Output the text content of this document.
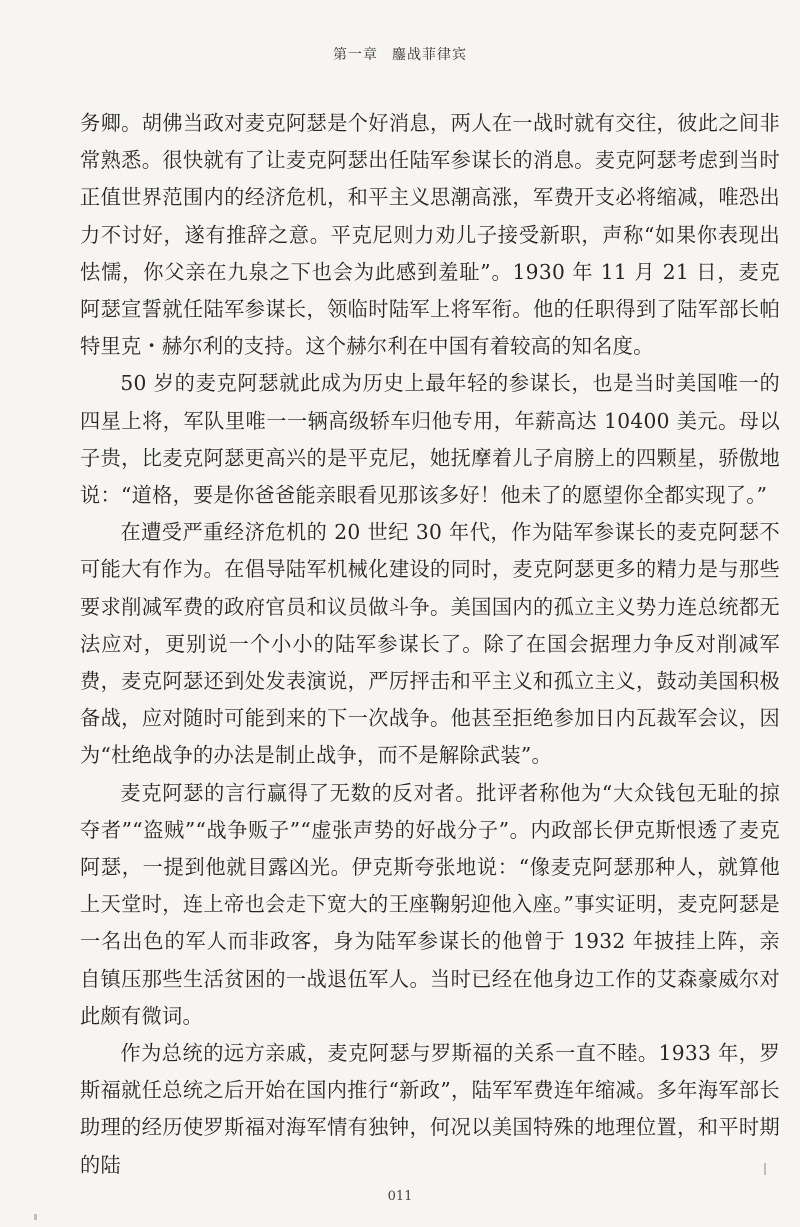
第一章 鏖战菲律宾

务卿。胡佛当政对麦克阿瑟是个好消息，两人在一战时就有交往，彼此之间非常熟悉。很快就有了让麦克阿瑟出任陆军参谋长的消息。麦克阿瑟考虑到当时正值世界范围内的经济危机，和平主义思潮高涨，军费开支必将缩减，唯恐出力不讨好，遂有推辞之意。平克尼则力劝儿子接受新职，声称“如果你表现出怯懦，你父亲在九泉之下也会为此感到羞耻”。1930 年 11 月 21 日，麦克阿瑟宣誓就任陆军参谋长，领临时陆军上将军衔。他的任职得到了陆军部长帕特里克・赫尔利的支持。这个赫尔利在中国有着较高的知名度。

50 岁的麦克阿瑟就此成为历史上最年轻的参谋长，也是当时美国唯一的四星上将，军队里唯一一辆高级轿车归他专用，年薪高达 10400 美元。母以子贵，比麦克阿瑟更高兴的是平克尼，她抚摩着儿子肩膀上的四颗星，骄傲地说：“道格，要是你爸爸能亲眼看见那该多好！他未了的愿望你全都实现了。”

在遭受严重经济危机的 20 世纪 30 年代，作为陆军参谋长的麦克阿瑟不可能大有作为。在倡导陆军机械化建设的同时，麦克阿瑟更多的精力是与那些要求削减军费的政府官员和议员做斗争。美国国内的孤立主义势力连总统都无法应对，更别说一个小小的陆军参谋长了。除了在国会据理力争反对削减军费，麦克阿瑟还到处发表演说，严厉抨击和平主义和孤立主义，鼓动美国积极备战，应对随时可能到来的下一次战争。他甚至拒绝参加日内瓦裁军会议，因为“杜绝战争的办法是制止战争，而不是解除武装”。

麦克阿瑟的言行赢得了无数的反对者。批评者称他为“大众钱包无耻的掠夺者”“盗贼”“战争贩子”“虚张声势的好战分子”。内政部长伊克斯恨透了麦克阿瑟，一提到他就目露凶光。伊克斯夸张地说：“像麦克阿瑟那种人，就算他上天堂时，连上帝也会走下宽大的王座鞠躬迎他入座。”事实证明，麦克阿瑟是一名出色的军人而非政客，身为陆军参谋长的他曾于 1932 年披挂上阵，亲自镇压那些生活贫困的一战退伍军人。当时已经在他身边工作的艾森豪威尔对此颇有微词。

作为总统的远方亲戚，麦克阿瑟与罗斯福的关系一直不睦。1933 年，罗斯福就任总统之后开始在国内推行“新政”，陆军军费连年缩减。多年海军部长助理的经历使罗斯福对海军情有独钟，何况以美国特殊的地理位置，和平时期的陆

011
